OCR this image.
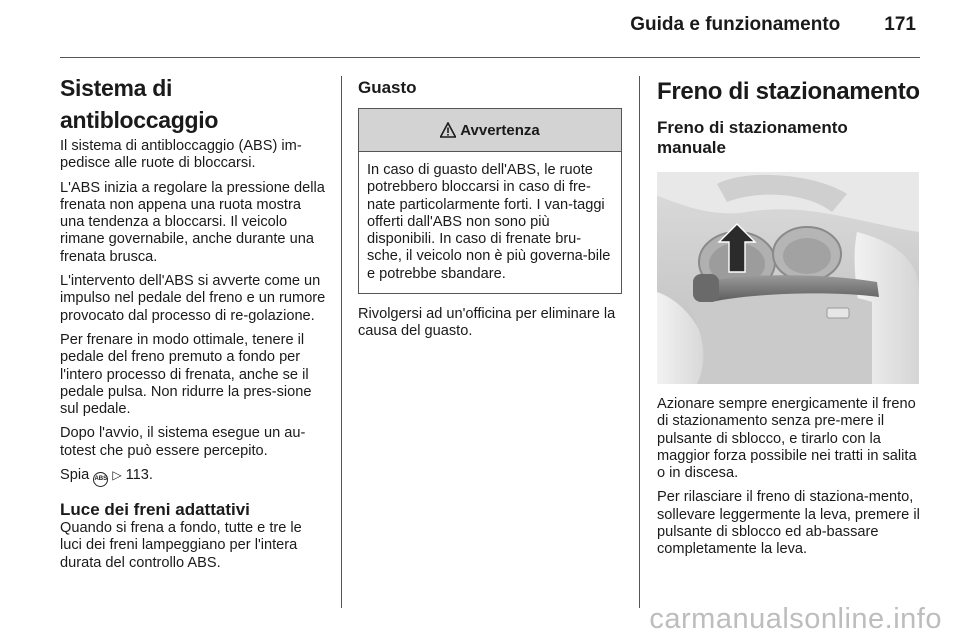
Guida e funzionamento 171
Sistema di antibloccaggio

Il sistema di antibloccaggio (ABS) im-pedisce alle ruote di bloccarsi.

L'ABS inizia a regolare la pressione della frenata non appena una ruota mostra una tendenza a bloccarsi. Il veicolo rimane governabile, anche durante una frenata brusca.

L'intervento dell'ABS si avverte come un impulso nel pedale del freno e un rumore provocato dal processo di re-golazione.

Per frenare in modo ottimale, tenere il pedale del freno premuto a fondo per l'intero processo di frenata, anche se il pedale pulsa. Non ridurre la pres-sione sul pedale.

Dopo l'avvio, il sistema esegue un au-totest che può essere percepito.

Spia ABS ▷ 113.

Luce dei freni adattativi

Quando si frena a fondo, tutte e tre le luci dei freni lampeggiano per l'intera durata del controllo ABS.

Guasto
Avvertenza

In caso di guasto dell'ABS, le ruote potrebbero bloccarsi in caso di fre-nate particolarmente forti. I van-taggi offerti dall'ABS non sono più disponibili. In caso di frenate bru-sche, il veicolo non è più governa-bile e potrebbe sbandare.

Rivolgersi ad un'officina per eliminare la causa del guasto.

Freno di stazionamento
Freno di stazionamento manuale

Azionare sempre energicamente il freno di stazionamento senza pre-mere il pulsante di sblocco, e tirarlo con la maggior forza possibile nei tratti in salita o in discesa.

Per rilasciare il freno di staziona-mento, sollevare leggermente la leva, premere il pulsante di sblocco ed ab-bassare completamente la leva.

carmanualsonline.info
